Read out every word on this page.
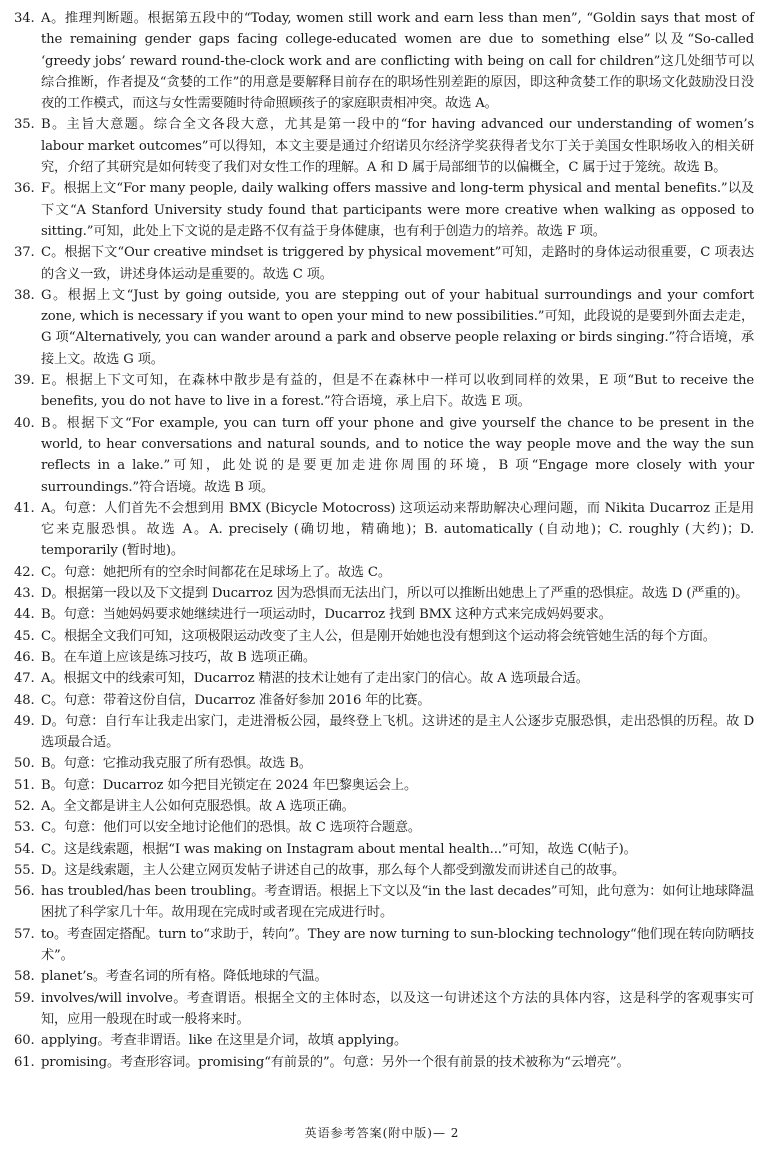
34. A。推理判断题。根据第五段中的“Today, women still work and earn less than men”, “Goldin says that most of the remaining gender gaps facing college-educated women are due to something else”以及“So-called ‘greedy jobs’ reward round-the-clock work and are conflicting with being on call for children”这几处细节可以综合推断，作者提及“贪婪的工作”的用意是要解释目前存在的职场性别差距的原因，即这种贪婪工作的职场文化鼓励没日没夜的工作模式，而这与女性需要随时待命照顾孩子的家庭职责相冲突。故选 A。
35. B。主旨大意题。综合全文各段大意，尤其是第一段中的“for having advanced our understanding of women’s labour market outcomes”可以得知，本文主要是通过介绍诺贝尔经济学奖获得者戈尔丁关于美国女性职场收入的相关研究，介绍了其研究是如何转变了我们对女性工作的理解。A 和 D 属于局部细节的以偏概全，C 属于过于笼统。故选 B。
36. F。根据上文“For many people, daily walking offers massive and long-term physical and mental benefits.”以及下文“A Stanford University study found that participants were more creative when walking as opposed to sitting.”可知，此处上下文说的是走路不仅有益于身体健康，也有利于创造力的培养。故选 F 项。
37. C。根据下文“Our creative mindset is triggered by physical movement”可知，走路时的身体运动很重要，C 项表达的含义一致，讲述身体运动是重要的。故选 C 项。
38. G。根据上文“Just by going outside, you are stepping out of your habitual surroundings and your comfort zone, which is necessary if you want to open your mind to new possibilities.”可知，此段说的是要到外面去走走，G 项“Alternatively, you can wander around a park and observe people relaxing or birds singing.”符合语境，承接上文。故选 G 项。
39. E。根据上下文可知，在森林中散步是有益的，但是不在森林中一样可以收到同样的效果，E 项“But to receive the benefits, you do not have to live in a forest.”符合语境，承上启下。故选 E 项。
40. B。根据下文“For example, you can turn off your phone and give yourself the chance to be present in the world, to hear conversations and natural sounds, and to notice the way people move and the way the sun reflects in a lake.”可知，此处说的是要更加走进你周围的环境，B 项“Engage more closely with your surroundings.”符合语境。故选 B 项。
41. A。句意：人们首先不会想到用 BMX (Bicycle Motocross) 这项运动来帮助解决心理问题，而 Nikita Ducarroz 正是用它来克服恐惧。故选 A。A. precisely (确切地，精确地)；B. automatically (自动地)；C. roughly (大约)；D. temporarily (暂时地)。
42. C。句意：她把所有的空余时间都花在足球场上了。故选 C。
43. D。根据第一段以及下文提到 Ducarroz 因为恐惧而无法出门，所以可以推断出她患上了严重的恐惧症。故选 D (严重的)。
44. B。句意：当她妈妈要求她继续进行一项运动时，Ducarroz 找到 BMX 这种方式来完成妈妈要求。
45. C。根据全文我们可知，这项极限运动改变了主人公，但是刚开始她也没有想到这个运动将会统管她生活的每个方面。
46. B。在车道上应该是练习技巧，故 B 选项正确。
47. A。根据文中的线索可知，Ducarroz 精湛的技术让她有了走出家门的信心。故 A 选项最合适。
48. C。句意：带着这份自信，Ducarroz 准备好参加 2016 年的比赛。
49. D。句意：自行车让我走出家门，走进滑板公园，最终登上飞机。这讲述的是主人公逐步克服恐惧，走出恐惧的历程。故 D 选项最合适。
50. B。句意：它推动我克服了所有恐惧。故选 B。
51. B。句意：Ducarroz 如今把目光锁定在 2024 年巴黎奥运会上。
52. A。全文都是讲主人公如何克服恐惧。故 A 选项正确。
53. C。句意：他们可以安全地讨论他们的恐惧。故 C 选项符合题意。
54. C。这是线索题，根据“I was making on Instagram about mental health...”可知，故选 C(帖子)。
55. D。这是线索题，主人公建立网页发帖子讲述自己的故事，那么每个人都受到激发而讲述自己的故事。
56. has troubled/has been troubling。考查谓语。根据上下文以及“in the last decades”可知，此句意为：如何让地球降温困扰了科学家几十年。故用现在完成时或者现在完成进行时。
57. to。考查固定搭配。turn to“求助于，转向”。They are now turning to sun-blocking technology“他们现在转向防晒技术”。
58. planet’s。考查名词的所有格。降低地球的气温。
59. involves/will involve。考查谓语。根据全文的主体时态，以及这一句讲述这个方法的具体内容，这是科学的客观事实可知，应用一般现在时或一般将来时。
60. applying。考查非谓语。like 在这里是介词，故填 applying。
61. promising。考查形容词。promising“有前景的”。句意：另外一个很有前景的技术被称为“云增亮”。
英语参考答案(附中版)— 2
